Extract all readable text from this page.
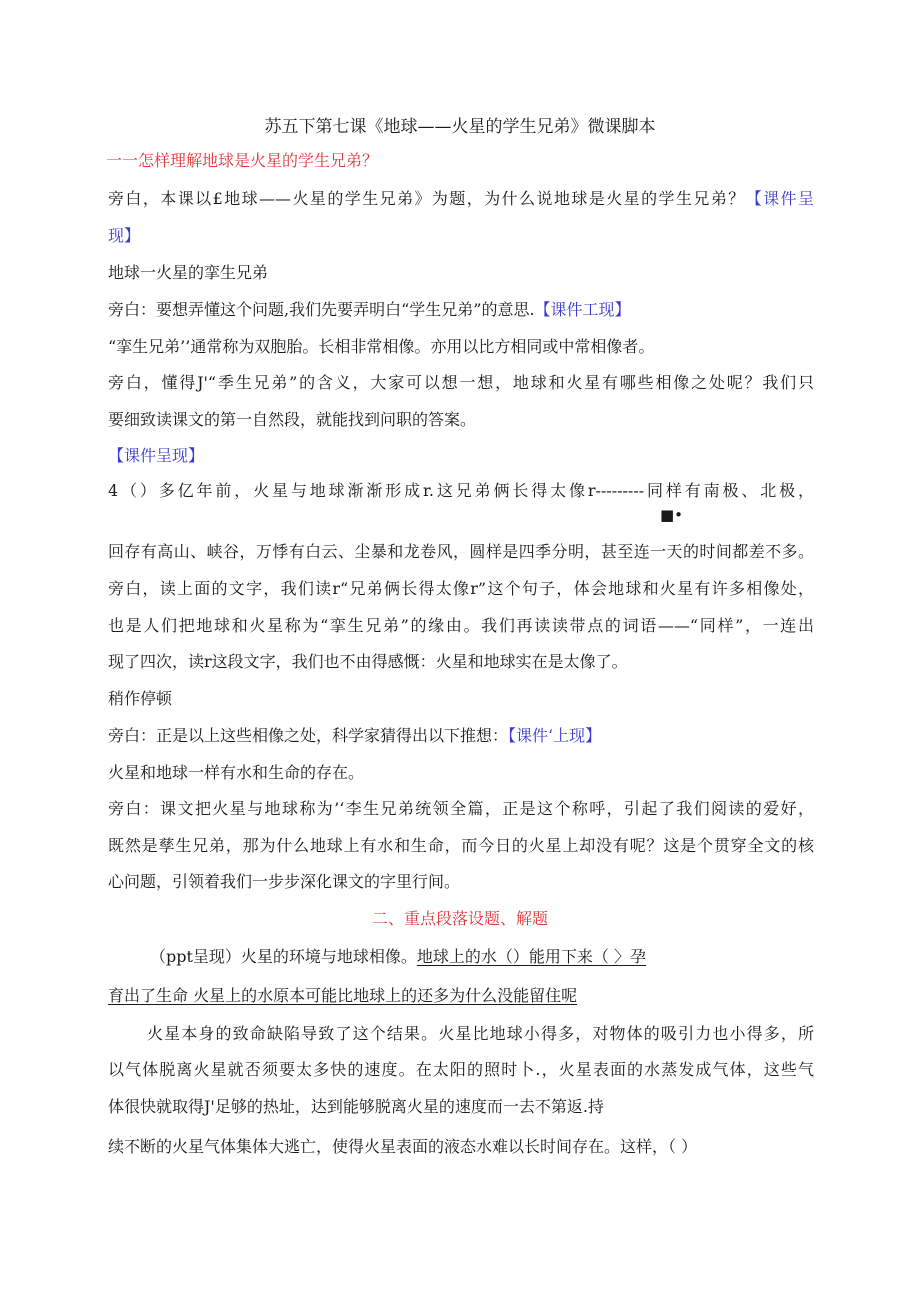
苏五下第七课《地球——火星的学生兄弟》微课脚本
一一怎样理解地球是火星的学生兄弟？
旁白，本课以£地球——火星的学生兄弟》为题，为什么说地球是火星的学生兄弟？【课件呈
现】
地球一火星的挛生兄弟
旁白：要想弄懂这个问题,我们先要弄明白“学生兄弟”的意思.【课件工现】
“挛生兄弟’’通常称为双胞胎。长相非常相像。亦用以比方相同或中常相像者。
旁白，懂得J'“季生兄弟”的含义，大家可以想一想，地球和火星有哪些相像之处呢？我们只
要细致读课文的第一自然段，就能找到问职的答案。
【课件呈现】
4（）多亿年前，火星与地球渐渐形成r.这兄弟俩长得太像r---------同样有南极、北极，
■•
回存有高山、峡谷，万悸有白云、尘暴和龙卷风，圆样是四季分明，甚至连一天的时间都差不多。
旁白，读上面的文字，我们读r“兄弟俩长得太像r”这个句子，体会地球和火星有许多相像处，
也是人们把地球和火星称为“挛生兄弟”的缘由。我们再读读带点的词语——“同样”，一连出
现了四次，读r这段文字，我们也不由得感慨：火星和地球实在是太像了。
稍作停顿
旁白：正是以上这些相像之处，科学家猜得出以下推想：【课件‘上现】
火星和地球一样有水和生命的存在。
旁白：课文把火星与地球称为’‘李生兄弟统领全篇，正是这个称呼，引起了我们阅读的爱好，
既然是孳生兄弟，那为什么地球上有水和生命，而今日的火星上却没有呢？这是个贯穿全文的核
心问题，引领着我们一步步深化课文的字里行间。
二、重点段落设题、解题
（ppt呈现）火星的环境与地球相像。地球上的水（）能用下来（ 〉孕
育出了生命 火星上的水原本可能比地球上的还多为什么没能留住呢
火星本身的致命缺陷导致了这个结果。火星比地球小得多，对物体的吸引力也小得多，所
以气体脱离火星就否须要太多快的速度。在太阳的照时卜.，火星表面的水蒸发成气体，这些气
体很快就取得J'足够的热址，达到能够脱离火星的速度而一去不第返.持
续不断的火星气体集体大逃亡，使得火星表面的液态水难以长时间存在。这样，（ ）
